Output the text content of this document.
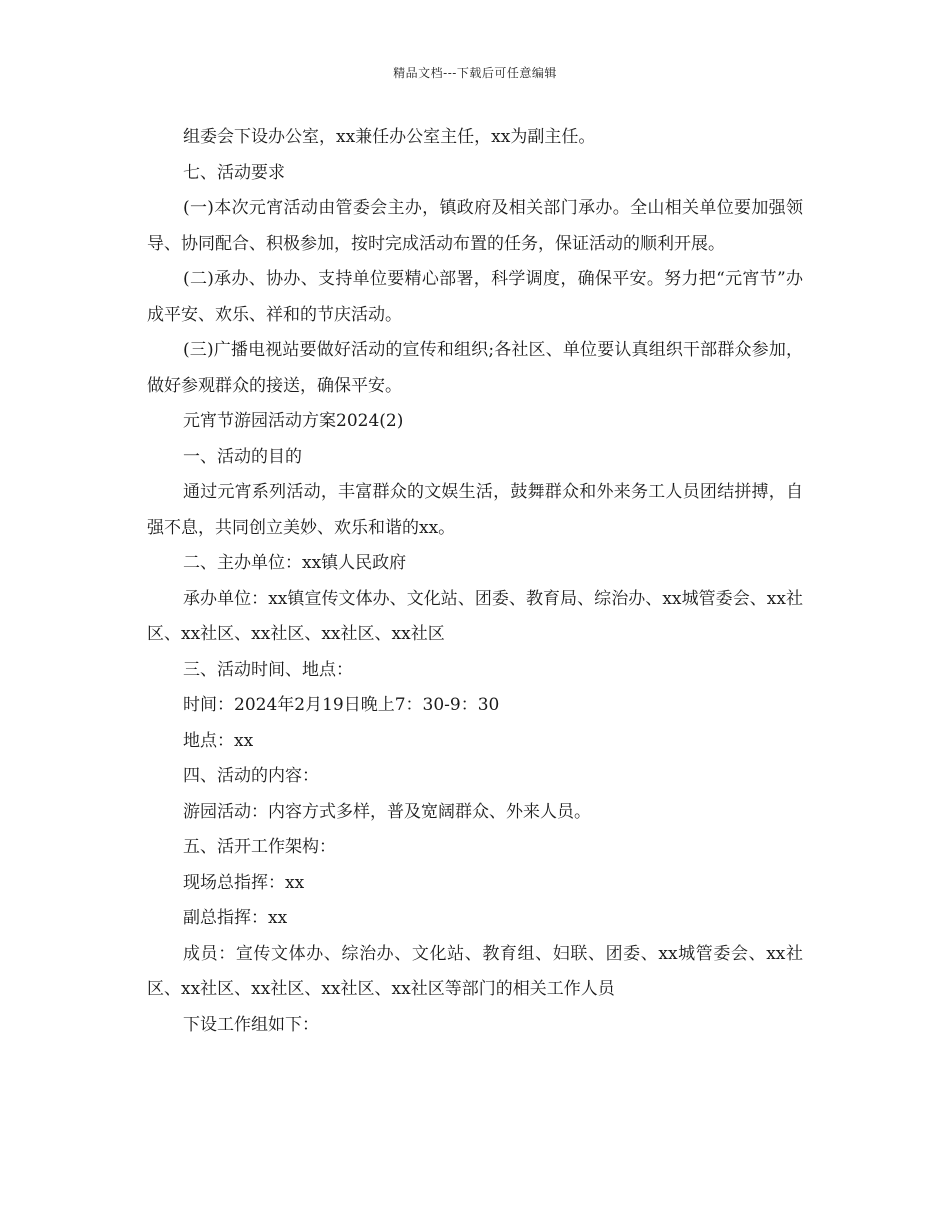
精品文档---下载后可任意编辑

组委会下设办公室，xx兼任办公室主任，xx为副主任。

七、活动要求

(一)本次元宵活动由管委会主办，镇政府及相关部门承办。全山相关单位要加强领导、协同配合、积极参加，按时完成活动布置的任务，保证活动的顺利开展。

(二)承办、协办、支持单位要精心部署，科学调度，确保平安。努力把“元宵节”办成平安、欢乐、祥和的节庆活动。

(三)广播电视站要做好活动的宣传和组织;各社区、单位要认真组织干部群众参加，做好参观群众的接送，确保平安。

元宵节游园活动方案2024(2)

一、活动的目的

通过元宵系列活动，丰富群众的文娱生活，鼓舞群众和外来务工人员团结拼搏，自强不息，共同创立美妙、欢乐和谐的xx。

二、主办单位：xx镇人民政府

承办单位：xx镇宣传文体办、文化站、团委、教育局、综治办、xx城管委会、xx社区、xx社区、xx社区、xx社区、xx社区

三、活动时间、地点：

时间：2024年2月19日晚上7：30-9：30

地点：xx

四、活动的内容：

游园活动：内容方式多样，普及宽阔群众、外来人员。

五、活开工作架构：

现场总指挥：xx

副总指挥：xx

成员：宣传文体办、综治办、文化站、教育组、妇联、团委、xx城管委会、xx社区、xx社区、xx社区、xx社区、xx社区等部门的相关工作人员

下设工作组如下：
